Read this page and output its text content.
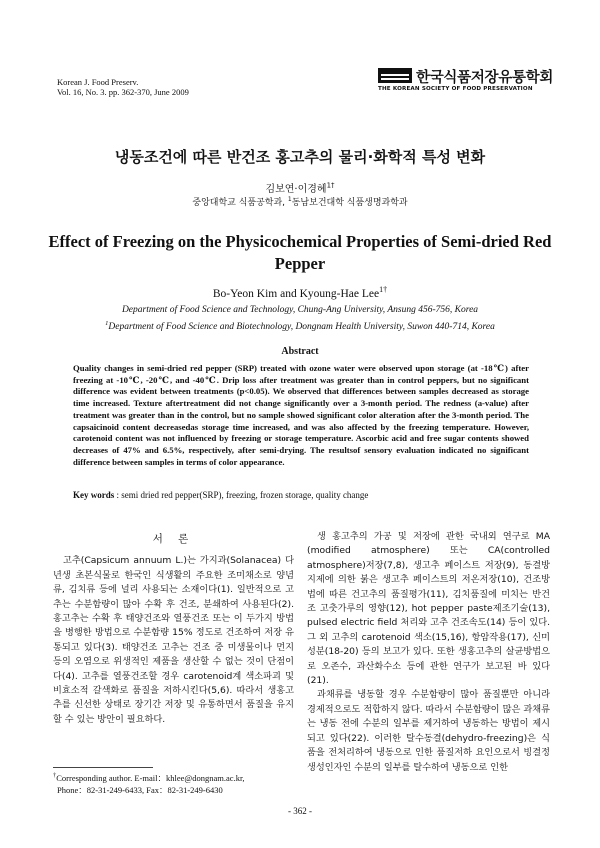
Korean J. Food Preserv.
Vol. 16, No. 3. pp. 362-370, June 2009
한국식품저장유통학회
THE KOREAN SOCIETY OF FOOD PRESERVATION
냉동조건에 따른 반건조 홍고추의 물리·화학적 특성 변화
김보연·이경혜$^{1\dagger}$
중앙대학교 식품공학과, $^1$동남보건대학 식품생명과학과
Effect of Freezing on the Physicochemical Properties of Semi-dried Red Pepper
Bo-Yeon Kim and Kyoung-Hae Lee$^{1\dagger}$
Department of Food Science and Technology, Chung-Ang University, Ansung 456-756, Korea
$^1$Department of Food Science and Biotechnology, Dongnam Health University, Suwon 440-714, Korea
Abstract
Quality changes in semi-dried red pepper (SRP) treated with ozone water were observed upon storage (at -18℃) after freezing at -10℃, -20℃, and -40℃. Drip loss after treatment was greater than in control peppers, but no significant difference was evident between treatments (p<0.05). We observed that differences between samples decreased as storage time increased. Texture aftertreatment did not change significantly over a 3-month period. The redness (a-value) after treatment was greater than in the control, but no sample showed significant color alteration after the 3-month period. The capsaicinoid content decreasedas storage time increased, and was also affected by the freezing temperature. However, carotenoid content was not influenced by freezing or storage temperature. Ascorbic acid and free sugar contents showed decreases of 47% and 6.5%, respectively, after semi-drying. The resultsof sensory evaluation indicated no significant difference between samples in terms of color appearance.
Key words : semi dried red pepper(SRP), freezing, frozen storage, quality change
서 론

고추(Capsicum annuum L.)는 가지과(Solanacea) 다년생 초본식물로 한국인 식생활의 주요한 조미채소로 양념류, 김치류 등에 널리 사용되는 소재이다(1). 일반적으로 고추는 수분함량이 많아 수확 후 건조, 분쇄하여 사용된다(2). 홍고추는 수확 후 태양건조와 열풍건조 또는 이 두가지 방법을 병행한 방법으로 수분함량 15% 정도로 건조하여 저장 유통되고 있다(3). 태양건조 고추는 건조 중 미생물이나 먼지 등의 오염으로 위생적인 제품을 생산할 수 없는 것이 단점이다(4). 고추를 열풍건조할 경우 carotenoid계 색소파괴 및 비효소적 갈색화로 품질을 저하시킨다(5,6). 따라서 생홍고추를 신선한 상태로 장기간 저장 및 유통하면서 품질을 유지할 수 있는 방안이 필요하다.

생 홍고추의 가공 및 저장에 관한 국내외 연구로 MA (modified atmosphere) 또는 CA(controlled atmosphere)저장(7,8), 생고추 페이스트 저장(9), 동결방지제에 의한 붉은 생고추 페이스트의 저온저장(10), 건조방법에 따른 건고추의 품질평가(11), 김치품질에 미치는 반건조 고춧가루의 영향(12), hot pepper paste제조기술(13), pulsed electric field 처리와 고추 건조속도(14) 등이 있다. 그 외 고추의 carotenoid 색소(15,16), 항암작용(17), 신미성분(18-20) 등의 보고가 있다. 또한 생홍고추의 살균방법으로 오존수, 과산화수소 등에 관한 연구가 보고된 바 있다(21).

과채류를 냉동할 경우 수분함량이 많아 품질뿐만 아니라 경제적으로도 적합하지 않다. 따라서 수분함량이 많은 과채류는 냉동 전에 수분의 일부를 제거하여 냉동하는 방법이 제시되고 있다(22). 이러한 탈수동결(dehydro-freezing)은 식품을 전처리하여 냉동으로 인한 품질저하 요인으로서 빙결정생성인자인 수분의 일부를 탈수하여 냉동으로 인한

†Corresponding author. E-mail：khlee@dongnam.ac.kr,
Phone：82-31-249-6433, Fax：82-31-249-6430
- 362 -
